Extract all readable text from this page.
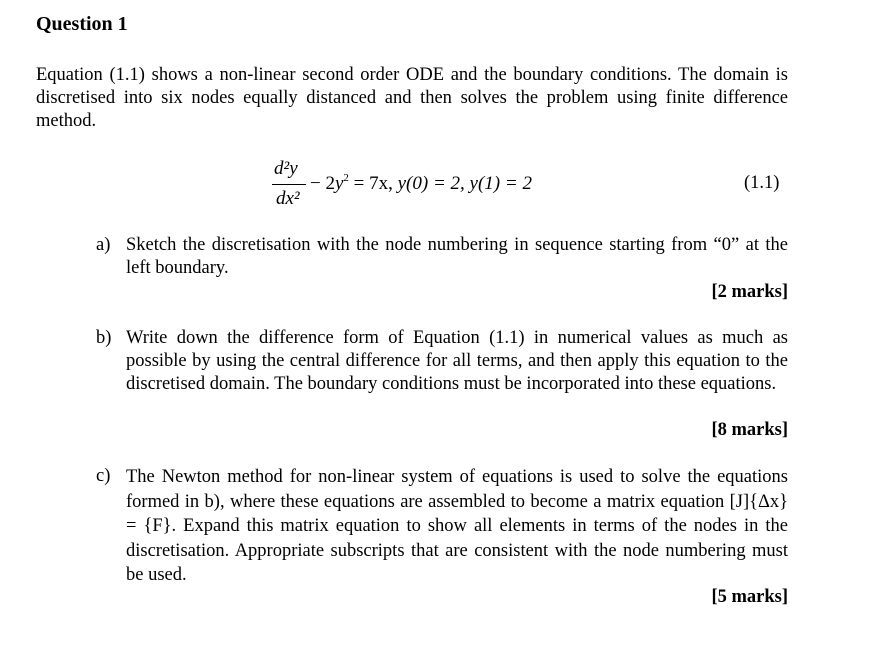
Question 1
Equation (1.1) shows a non-linear second order ODE and the boundary conditions. The domain is discretised into six nodes equally distanced and then solves the problem using finite difference method.
d²y
dx²
− $2y^2 = 7x$, y(0) = 2, y(1) = 2	(1.1)
a) Sketch the discretisation with the node numbering in sequence starting from “0” at the left boundary.
[2 marks]
b) Write down the difference form of Equation (1.1) in numerical values as much as possible by using the central difference for all terms, and then apply this equation to the discretised domain. The boundary conditions must be incorporated into these equations.
[8 marks]
c) The Newton method for non-linear system of equations is used to solve the equations formed in b), where these equations are assembled to become a matrix equation [J]{Δx} = {F}. Expand this matrix equation to show all elements in terms of the nodes in the discretisation. Appropriate subscripts that are consistent with the node numbering must be used.
[5 marks]
